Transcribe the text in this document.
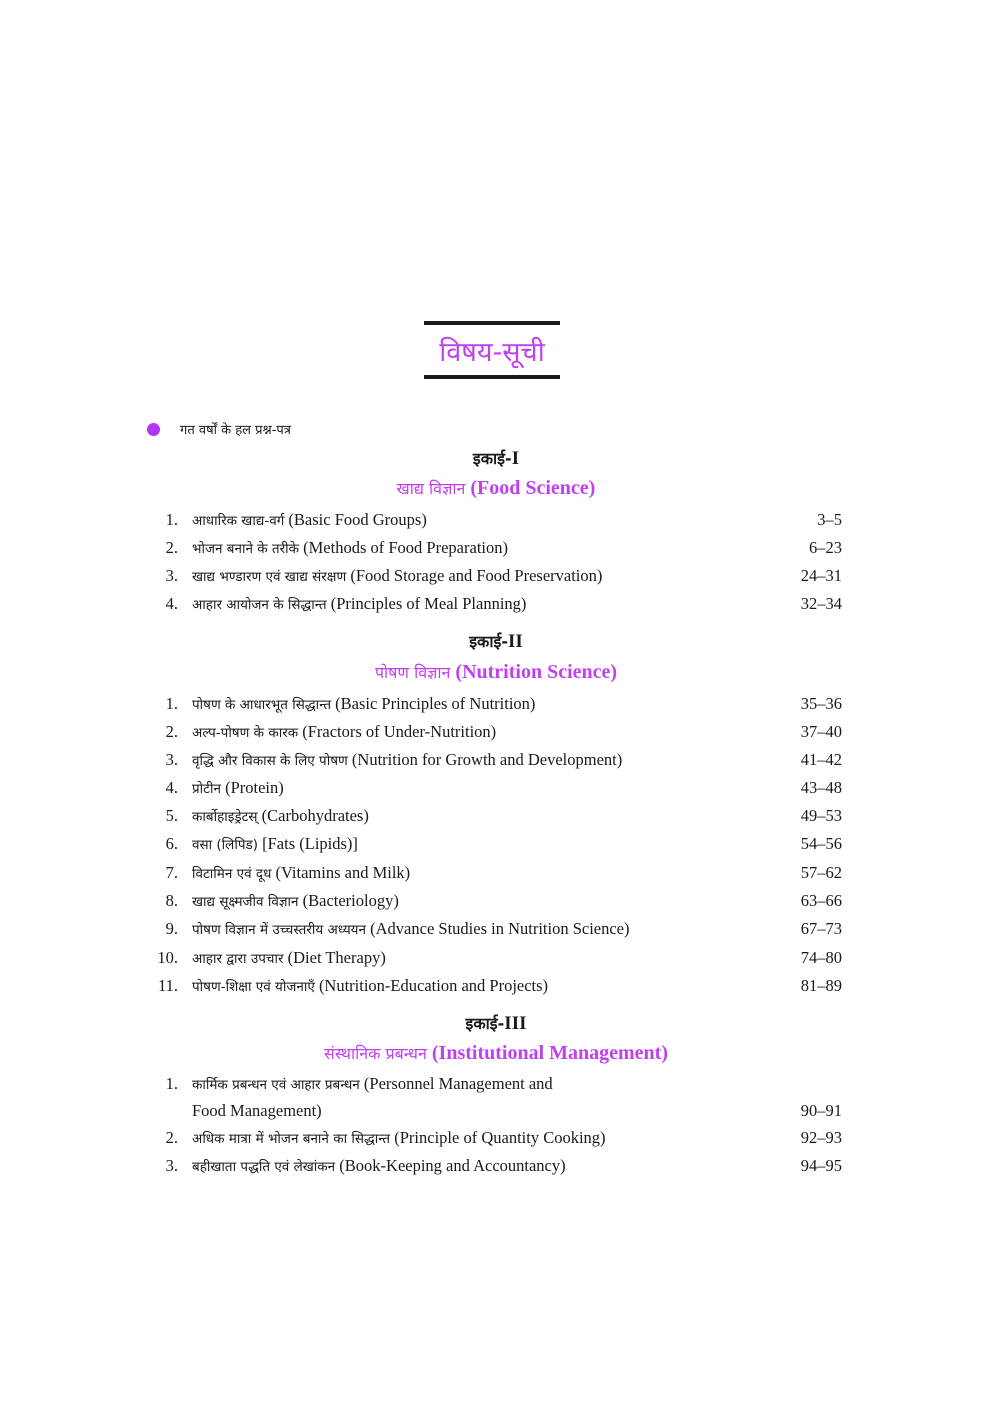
विषय-सूची
गत वर्षों के हल प्रश्न-पत्र
इकाई-I
खाद्य विज्ञान (Food Science)
1. आधारिक खाद्य-वर्ग (Basic Food Groups)	3–5
2. भोजन बनाने के तरीके (Methods of Food Preparation)	6–23
3. खाद्य भण्डारण एवं खाद्य संरक्षण (Food Storage and Food Preservation)	24–31
4. आहार आयोजन के सिद्धान्त (Principles of Meal Planning)	32–34
इकाई-II
पोषण विज्ञान (Nutrition Science)
1. पोषण के आधारभूत सिद्धान्त (Basic Principles of Nutrition)	35–36
2. अल्प-पोषण के कारक (Fractors of Under-Nutrition)	37–40
3. वृद्धि और विकास के लिए पोषण (Nutrition for Growth and Development)	41–42
4. प्रोटीन (Protein)	43–48
5. कार्बोहाइड्रेटस् (Carbohydrates)	49–53
6. वसा (लिपिड) [Fats (Lipids)]	54–56
7. विटामिन एवं दूध (Vitamins and Milk)	57–62
8. खाद्य सूक्ष्मजीव विज्ञान (Bacteriology)	63–66
9. पोषण विज्ञान में उच्चस्तरीय अध्ययन (Advance Studies in Nutrition Science)	67–73
10. आहार द्वारा उपचार (Diet Therapy)	74–80
11. पोषण-शिक्षा एवं योजनाएँ (Nutrition-Education and Projects)	81–89
इकाई-III
संस्थानिक प्रबन्धन (Institutional Management)
1. कार्मिक प्रबन्धन एवं आहार प्रबन्धन (Personnel Management and
Food Management)	90–91
2. अधिक मात्रा में भोजन बनाने का सिद्धान्त (Principle of Quantity Cooking)	92–93
3. बहीखाता पद्धति एवं लेखांकन (Book-Keeping and Accountancy)	94–95
